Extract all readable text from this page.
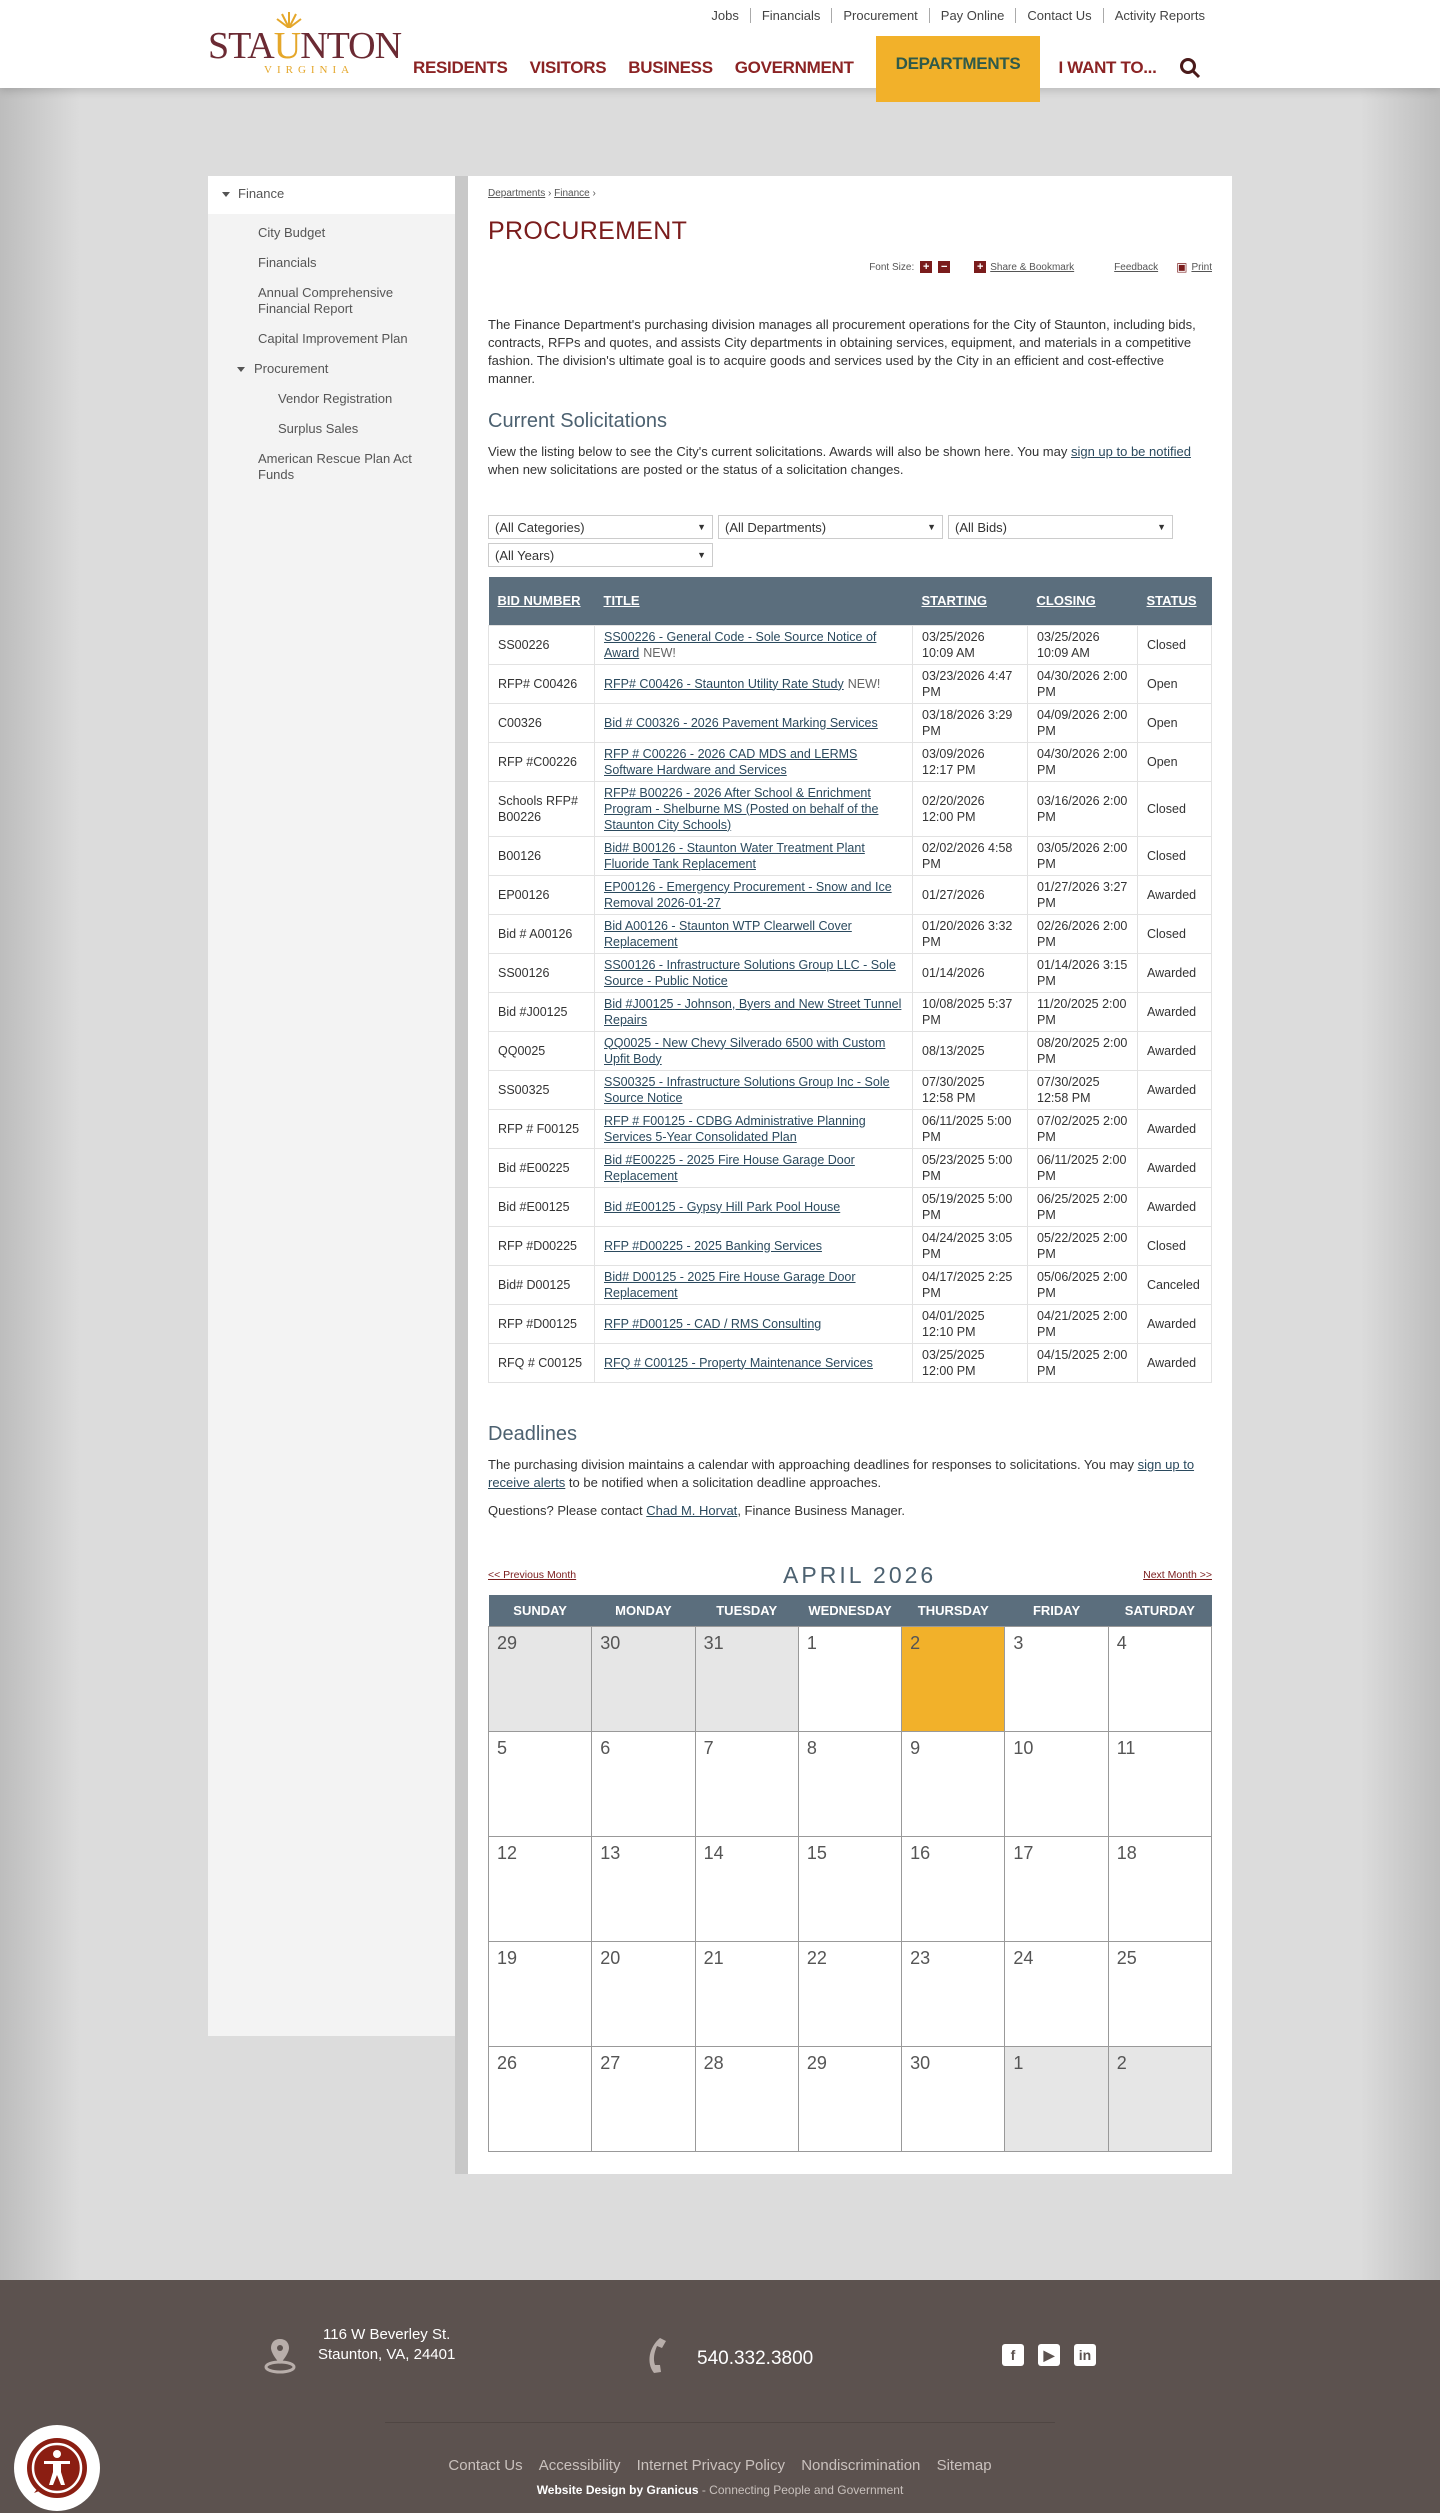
STAUNTON
VIRGINIA
Jobs	Financials	Procurement	Pay Online	Contact Us	Activity Reports
RESIDENTS VISITORS BUSINESS GOVERNMENT	DEPARTMENTS	I WANT TO...
Finance
City Budget
Financials
Annual Comprehensive Financial Report
Capital Improvement Plan
Procurement
Vendor Registration
Surplus Sales
American Rescue Plan Act Funds
Departments › Finance ›
PROCUREMENT
Font Size: + −	+ Share & Bookmark	Feedback ▣ Print

The Finance Department's purchasing division manages all procurement operations for the City of Staunton, including bids, contracts, RFPs and quotes, and assists City departments in obtaining services, equipment, and materials in a competitive fashion. The division's ultimate goal is to acquire goods and services used by the City in an efficient and cost-effective manner.

Current Solicitations

View the listing below to see the City's current solicitations. Awards will also be shown here. You may sign up to be notified when new solicitations are posted or the status of a solicitation changes.

(All Categories)	▼ (All Departments)	▼ (All Bids)	▼
(All Years)	▼
BID NUMBER	TITLE	STARTING	CLOSING	STATUS
SS00226	SS00226 - General Code - Sole Source Notice of Award NEW!	03/25/2026 10:09 AM	03/25/2026 10:09 AM	Closed
RFP# C00426	RFP# C00426 - Staunton Utility Rate Study NEW!	03/23/2026 4:47 PM	04/30/2026 2:00 PM	Open
C00326	Bid # C00326 - 2026 Pavement Marking Services	03/18/2026 3:29 PM	04/09/2026 2:00 PM	Open
RFP #C00226	RFP # C00226 - 2026 CAD MDS and LERMS Software Hardware and Services	03/09/2026 12:17 PM	04/30/2026 2:00 PM	Open
Schools RFP# B00226	RFP# B00226 - 2026 After School & Enrichment Program - Shelburne MS (Posted on behalf of the Staunton City Schools)	02/20/2026 12:00 PM	03/16/2026 2:00 PM	Closed
B00126	Bid# B00126 - Staunton Water Treatment Plant Fluoride Tank Replacement	02/02/2026 4:58 PM	03/05/2026 2:00 PM	Closed
EP00126	EP00126 - Emergency Procurement - Snow and Ice Removal 2026-01-27	01/27/2026	01/27/2026 3:27 PM	Awarded
Bid # A00126	Bid A00126 - Staunton WTP Clearwell Cover Replacement	01/20/2026 3:32 PM	02/26/2026 2:00 PM	Closed
SS00126	SS00126 - Infrastructure Solutions Group LLC - Sole Source - Public Notice	01/14/2026	01/14/2026 3:15 PM	Awarded
Bid #J00125	Bid #J00125 - Johnson, Byers and New Street Tunnel Repairs	10/08/2025 5:37 PM	11/20/2025 2:00 PM	Awarded
QQ0025	QQ0025 - New Chevy Silverado 6500 with Custom Upfit Body	08/13/2025	08/20/2025 2:00 PM	Awarded
SS00325	SS00325 - Infrastructure Solutions Group Inc - Sole Source Notice	07/30/2025 12:58 PM	07/30/2025 12:58 PM	Awarded
RFP # F00125	RFP # F00125 - CDBG Administrative Planning Services 5-Year Consolidated Plan	06/11/2025 5:00 PM	07/02/2025 2:00 PM	Awarded
Bid #E00225	Bid #E00225 - 2025 Fire House Garage Door Replacement	05/23/2025 5:00 PM	06/11/2025 2:00 PM	Awarded
Bid #E00125	Bid #E00125 - Gypsy Hill Park Pool House	05/19/2025 5:00 PM	06/25/2025 2:00 PM	Awarded
RFP #D00225	RFP #D00225 - 2025 Banking Services	04/24/2025 3:05 PM	05/22/2025 2:00 PM	Closed
Bid# D00125	Bid# D00125 - 2025 Fire House Garage Door Replacement	04/17/2025 2:25 PM	05/06/2025 2:00 PM	Canceled
RFP #D00125	RFP #D00125 - CAD / RMS Consulting	04/01/2025 12:10 PM	04/21/2025 2:00 PM	Awarded
RFQ # C00125	RFQ # C00125 - Property Maintenance Services	03/25/2025 12:00 PM	04/15/2025 2:00 PM	Awarded
Deadlines

The purchasing division maintains a calendar with approaching deadlines for responses to solicitations. You may sign up to receive alerts to be notified when a solicitation deadline approaches.

Questions? Please contact Chad M. Horvat, Finance Business Manager.

<< Previous Month	APRIL 2026	Next Month >>
SUNDAY	MONDAY	TUESDAY	WEDNESDAY	THURSDAY	FRIDAY	SATURDAY
29	30	31	1	2	3	4
5	6	7	8	9	10	11
12	13	14	15	16	17	18
19	20	21	22	23	24	25
26	27	28	29	30	1	2
116 W Beverley St.
Staunton, VA, 24401	540.332.3800	f	▶	in
Contact Us Accessibility Internet Privacy Policy Nondiscrimination Sitemap
Website Design by Granicus - Connecting People and Government
